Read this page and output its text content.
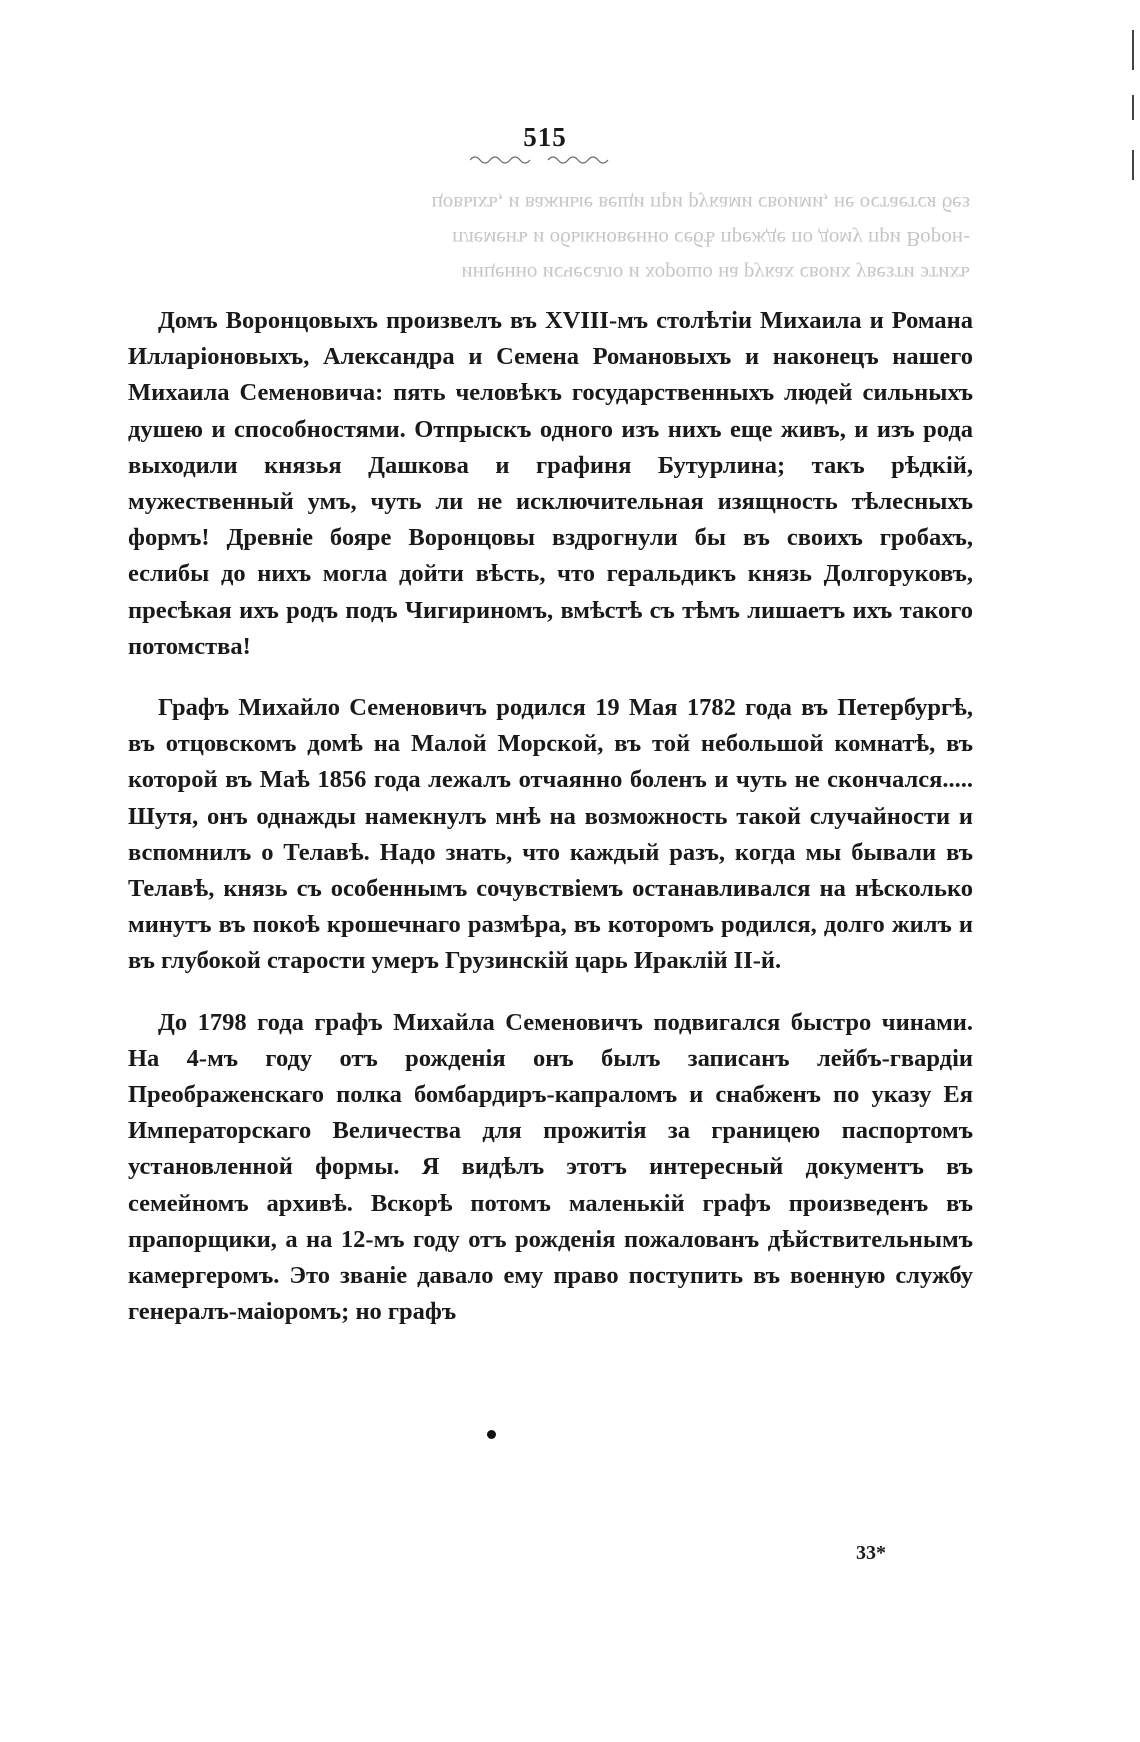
515
инценно исчесало и хорошо на руках своих увезти этихъ
племенъ и обыкновенно себѣ прежде по дому при Ворон-
цовыхъ, и важные вещи при руками своими, не остается без

Домъ Воронцовыхъ произвелъ въ XVIII-мъ столѣтіи Михаила и Романа Илларіоновыхъ, Александра и Семена Романовыхъ и наконецъ нашего Михаила Семеновича: пять человѣкъ государственныхъ людей сильныхъ душею и способностями. Отпрыскъ одного изъ нихъ еще живъ, и изъ рода выходили князья Дашкова и графиня Бутурлина; такъ рѣдкій, мужественный умъ, чуть ли не исключительная изящность тѣлесныхъ формъ! Древніе бояре Воронцовы вздрогнули бы въ своихъ гробахъ, еслибы до нихъ могла дойти вѣсть, что геральдикъ князь Долгоруковъ, пресѣкая ихъ родъ подъ Чигириномъ, вмѣстѣ съ тѣмъ лишаетъ ихъ такого потомства!

Графъ Михайло Семеновичъ родился 19 Мая 1782 года въ Петербургѣ, въ отцовскомъ домѣ на Малой Морской, въ той небольшой комнатѣ, въ которой въ Маѣ 1856 года лежалъ отчаянно боленъ и чуть не скончался..... Шутя, онъ однажды намекнулъ мнѣ на возможность такой случайности и вспомнилъ о Телавѣ. Надо знать, что каждый разъ, когда мы бывали въ Телавѣ, князь съ особеннымъ сочувствіемъ останавливался на нѣсколько минутъ въ покоѣ крошечнаго размѣра, въ которомъ родился, долго жилъ и въ глубокой старости умеръ Грузинскій царь Ираклій II-й.

До 1798 года графъ Михайла Семеновичъ подвигался быстро чинами. На 4-мъ году отъ рожденія онъ былъ записанъ лейбъ-гвардіи Преображенскаго полка бомбардиръ-капраломъ и снабженъ по указу Ея Императорскаго Величества для прожитія за границею паспортомъ установленной формы. Я видѣлъ этотъ интересный документъ въ семейномъ архивѣ. Вскорѣ потомъ маленькій графъ произведенъ въ прапорщики, а на 12-мъ году отъ рожденія пожалованъ дѣйствительнымъ камергеромъ. Это званіе давало ему право поступить въ военную службу генералъ-маіоромъ; но графъ

33*
